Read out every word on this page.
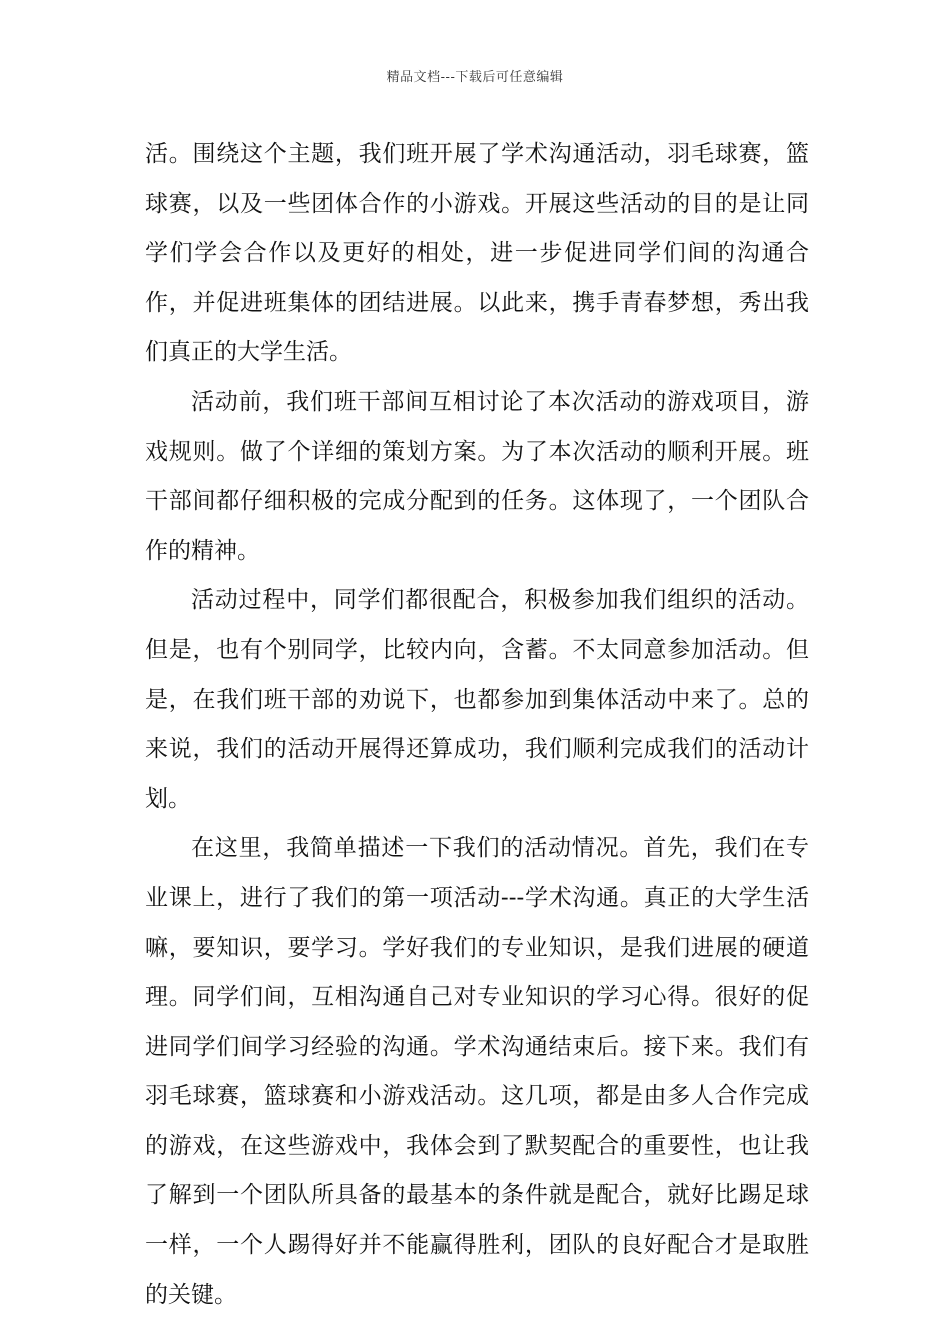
精品文档---下载后可任意编辑

活。围绕这个主题，我们班开展了学术沟通活动，羽毛球赛，篮球赛，以及一些团体合作的小游戏。开展这些活动的目的是让同学们学会合作以及更好的相处，进一步促进同学们间的沟通合作，并促进班集体的团结进展。以此来，携手青春梦想，秀出我们真正的大学生活。

活动前，我们班干部间互相讨论了本次活动的游戏项目，游戏规则。做了个详细的策划方案。为了本次活动的顺利开展。班干部间都仔细积极的完成分配到的任务。这体现了，一个团队合作的精神。

活动过程中，同学们都很配合，积极参加我们组织的活动。但是，也有个别同学，比较内向，含蓄。不太同意参加活动。但是，在我们班干部的劝说下，也都参加到集体活动中来了。总的来说，我们的活动开展得还算成功，我们顺利完成我们的活动计划。

在这里，我简单描述一下我们的活动情况。首先，我们在专业课上，进行了我们的第一项活动---学术沟通。真正的大学生活嘛，要知识，要学习。学好我们的专业知识，是我们进展的硬道理。同学们间，互相沟通自己对专业知识的学习心得。很好的促进同学们间学习经验的沟通。学术沟通结束后。接下来。我们有羽毛球赛，篮球赛和小游戏活动。这几项，都是由多人合作完成的游戏，在这些游戏中，我体会到了默契配合的重要性，也让我了解到一个团队所具备的最基本的条件就是配合，就好比踢足球一样，一个人踢得好并不能赢得胜利，团队的良好配合才是取胜的关键。
